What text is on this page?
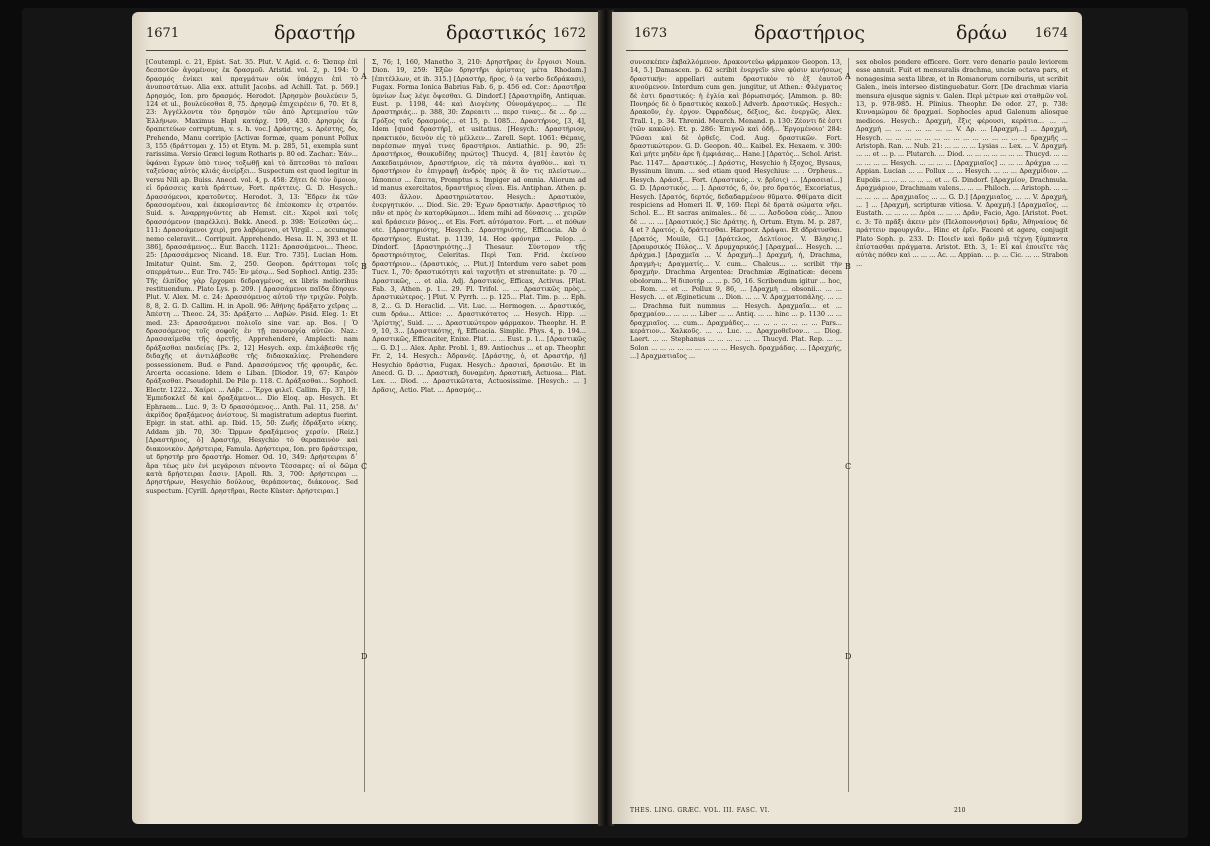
1671	δραστήρ	δραστικός 1672
[Coutempl. c. 21, Epist. Sat. 35. Plut. V. Agid. c. 6: Ὥσπερ ἐπὶ δεσποτῶν ἀγομένους ἐκ δρασμοῦ. Aristid. vol. 2, p. 194: Ὁ δρασμός ἐνίκει καὶ πραγμάτων οὐκ ὑπάρχει ἐπὶ τὸ ἀνυποστάτων. Alia exx. attulit Jacobs. ad Achill. Tat. p. 569.] Δρησμός, Ion. pro δρασμός. Herodot. [Ἀρησμὸν βουλεύειν 5, 124 et ul., βουλεύεσθαι 8, 75. Δρησμῷ ἐπιχειρέειν 6, 70. Et 8, 23: Ἀγγέλλοντα τὸν δρησμὸν τῶν ἀπὸ Ἀρτεμισίου τῶν Ἑλλήνων. Maximus Hapl κατάρχ. 199, 430. Δρησμὸς ἐκ δραπετεύων corruptum, v. s. h. voc.] Δράστης, s. Δρέστης, δο, Prehendo, Manu corripio [Activæ formæ, quam ponunt Pollux 3, 155 (δράττομαι χ. 15) et Etym. M. p. 285, 51, exempla sunt rarissima. Versio Græci legum Rotharis p. 80 ed. Zachar.: Ἐάν... ὑφάναι ἔγρων ὑπὸ τινος τοξωθῇ καὶ τὸ ἅπτεσθαι τὸ παῖσαι ταξεύσας αὐτὸς κλιάς ἀνείρξει... Suspectum est quod legitur in versu Nili ap. Buiss. Anecd. vol. 4, p. 458: Ζήτει δὲ τὸν ὅμοιον, εἰ δράσσεις κατὰ δράττων, Fort. πράττεις. G. D. Hesych.: Δρασσόμενοι, κρατοῦντες. Herodot. 3, 13: Ἔδρεν ἐκ τῶν δρασσομένου, καὶ ἐκκομίσαντες δὲ ἐπέσκοπεν ἐς στρατόν. Suid. s. Ἀναρρηγνύντες ab Hemst. cit.: Χεροὶ καὶ τοῖς δρασσόμενον (παρέλλει). Bekk. Anecd. p. 398: Ἐσίεσθαι ὡς... 111: Δρασσάμενοι χειρὶ, pro λαβόμενοι, et Virgil.: ... accumque nemo celeravit... Corripuit. Apprehendo. Hesa. II. N, 393 et II. 386], δρασσάμενος... Eur. Bacch. 1121: Δρασσάμενοι... Theoc. 25: [Δρασσάμενος Nicand. 18. Eur. Tro. 735]. Lucian Hom. Imitatur Quint. Sm. 2, 250. Geopon. δράττομαι τοῖς σπερμάτων... Eur. Tro. 745: Ἐν μέσῳ... Sed Sophocl. Antig. 235: Τῆς ἐλπίδος γὰρ ἔρχομαι δεδραγμένος, ex libris meliorihus restituendum.. Plato Lys. p. 209. | Δρασσάμενοι παῖδα ἔδησαν. Plut. V. Alex. M. c. 24: Δρασσόμενος αὐτοῦ τὴν τριχῶν. Polyb. 8, 8, 2. G. D. Callim. H. in Apoll. 96: Ἀθήνης δράξατο χεῖρας ... Ἀπέστη ... Theoc. 24, 35: Δράξατο ... Λαβών. Pisid. Eleg. 1: Et med. 23: Δρασσάμενοι πολιοῖο sine var. ap. Bos. | Ὁ δρασσόμενος τοῖς σοφοῖς ἐν τῇ πανουργίᾳ αὐτῶν. Naz.: Δρασσαίμεθα τῆς ἀρετῆς. Apprehenderé, Amplecti: nam δράξασθαι παιδείας [Ps. 2, 12] Hesych. exp. ἐπιλάβεσθε τῆς διδαχῆς et ἀντιλάβεσθε τῆς διδασκαλίας. Prehendere possessionem. Bud. e Pand. Δρασσόμενος τῆς φρουρᾶς, &c. Arcerta occasione. Idem e Liban. [Diodor. 19, 67: Καιρὸν δράξασθαι. Pseudophil. De Pile p. 118. C. Δράξασθαι... Sophocl. Electr. 1222... Χαίρει ... Λάβε ... Ἔργα φιλεῖ. Callim. Ep. 37, 18: Ἐμπεδοκλεῖ δὲ καὶ δραξάμενοι... Dio Eloq. ap. Hesych. Et Ephraem... Luc. 9, 3: Ὀ δρασσόμενος... Anth. Pal. 11, 258. Δι' ἀκρίδος δραξάμενος ἀνίστους. Si magistratum adeptus fuerint. Epigr. in stat. athl. ap. Ibid. 15, 50: Ζωῆς ἐδράξατο νίκης. Addam jib. 70, 30: Ὥρμων δραξάμενος χερσίν. [Reiz.] [Δραστήριος, ὁ] Δραστήρ, Hesychio τὸ θεραπαινὸν καὶ διακονικὸν. Δρήστειρα, Famula. Δρήστειρα, Ion. pro δράστειρα, ut δρηστήρ pro δραστήρ. Homer. Od. 10, 349: Δρήστειραι δ᾽ ἄρα τέως μὲν ἐνὶ μεγάροισι πένοντο Τέσσαρες: αἱ οἱ δῶμα κατὰ δρήστειραι ἔασιν. [Apoll. Rh. 3, 700: Δρήστειραι ... Δρηστήρων, Hesychio δούλους, θεράποντας, διάκονος. Sed suspectum. [Cyrill. Δρηστῆραι, Recte Küster: Δρήστειραι.]
Σ, 76; Ι, 160, Manetho 3, 210: Δρηστῆρας ἐν ἔργοισι Noun. Dion. 19, 259: Ἐξῶν δρηστῆρι ἀρίσταις μέτα Rhodam.] [ἐπιτέλλων, et ih. 315.] [Δραστήρ, ἥρος, ὁ (a verbo δεδράκασι), Fugax. Forma Ionica Babrius Fab. 6, p. 456 ed. Cor.: Δραστῆρα ὑμνίων ἔως λέγε ὄψεσθαι. G. Dindorf.] [Δραστηρίδη, Antiquæ. Eust. p. 1198, 44: καὶ Διογένης Οὐνομάγερος... ... Πε Δραστηριάς... p. 388, 30: Ζαρεαιτι ... περσ τινας... δε ... δρ ... Γρόξος ταῖς δρασμούς... et 15, p. 1085... Δραστήριος, [3, 4], Idem [quod δραστήρ], et usitatius. [Hesych.: Δραστήριον, πρακτικόν, δεινὸν εἰς τὸ μέλλειν... Zarell. Sept. 1061: Θέμαις, παρέσπων πηγαὶ τινες δραστήριοι. Antiathic. p. 90, 25: Δραστήριος, Θουκυδίδης πρώτος] Thucyd. 4, [81] ἐαυτὸν ἐς Λακεδαιμόνιον, Δραστήριον, εἰς τὰ πάντα ἀγαθὸν... καὶ τι δραστήριον ἐν ἐπιγραφῇ ἀνδρὸς πρὸς ἃ ἂν τις πλείστων... Iἀποπεισ ... ἔπειτα, Promptus s. Impiger ad omnia. Aliorum ad id manus exercitatos, δραστήριος εἶναι. Eis. Antiphan. Athen. p. 403: ἄλλον. Δραστηριώτατον. Hesych.: Δραστικὸν, ἐνεργητικόν. ... Diod. Sic. 29: Ἐχων δραστικήν. Δραστήριος τὸ πᾶν et πρὸς ἐν κατορθώμασι... Idem mihi ad δύνασις ... χειρῶν καὶ δράσειεν βάνος... et Eis. Fort. αὐτόματον. Fort. ... et πόθων etc. [Δραστηριότης, Hesych.: Δραστηριότης, Efficacia. Ab ὁ δραστήριος. Eustat. p. 1139, 14. Hoc φρόνημα ... Pelop. ... Dindorf. [Δραστηριότης...] Thesaur. Σύντομον τῆς δραστηριότητος, Celeritas. Περὶ Ταπ. Frid. ἐκείνου δραστήριον... (Δραστικός, ... Plut.)] Interdum vero sabet pom Tucv. I., 70: δραστικότητι καὶ ταχυτῆτι et strenuitate: p. 70 ... Δραστικῶς, ... et alia. Adj. Δραστικός, Efficax, Activus. [Plat. Fab. 3, Athen. p. 1... 29. Pl. Trifol. ... ... Δραστικῶς πρὸς... Δραστικώτερος. ] Plut. V. Pyrrh. ... p. 125... Plat. Tim. p. ... Eph. 8, 2... G. D. Heraclid. ... Vit. Luc. ... Hermogen. ... Δραστικός, cum δράω... Attice: ... Δραστικότατος ... Hesych. Hipp. ... 'Ἀρίστης', Suid. ... ... Δραστικώτερον φάρμακον. Theophr. H. P. 9, 10, 3... [Δραστικότης, ἡ, Efficacia. Simplic. Phys. 4, p. 194... Δραστικῶς, Efficaciter, Enixe. Plut. ... ... Eust. p. 1... [Δραστικῶς ... G. D.] ... Alex. Aphr. Probl. 1, 89. Antiochus ... et ap. Theophr. Fr. 2, 14. Hesych.: Ἀδρανές. [Δράστης, ὁ, et Δραστήρ, ἡ] Hesychio δράστια, Fugax. Hesych.: Δρασιαί, δρασιῶν. Et in Anecd. G. D. ... Δραστικὴ, δυναμένη. Δραστικὴ, Actuosa... Plat. Lex. ... Diod. ... Δραστικῶτατα, Actuosissime. [Hesych.: ... ] Δρᾶσις, Actio. Plat. ... Δρασμός...
A
B
C
D
1673	δραστήριος	δράω 1674
συνεσκέπεν ἐκβαλλόμενον. Δρακοντεύω φάρμακον Geopon. 13, 14, 5.] Damascen. p. 62 scribit ἐνεργεῖν sive φύσιν κινήσεως δραστικήν: appellari autem δραστικὸν τὸ ἐξ ἑαυτοῦ κινούμενον. Interdum cum gen. jungitur, ut Athen.: Φλέγματος δὲ ἐστι δραστικός: ἡ ἐγλία καὶ βόρωπισμός. [Ammon. p. 80: Πονηρός δὲ ὁ δραστικὸς κακοῦ.] Adverb. Δραστικῶς. Hesych.: Δρακοῦν, ἐγ. ἐργον. Ὀφραδέως, δέξιος, &c. ἐνεργῶς. Alex. Trall. 1, p. 34. Threnid. Meurch. Menand. p. 130: Ζέοντι δὲ ἑστι (τῶν κακῶν). Et. p. 286: Ἐπιγνῶ καὶ ὁδῆ... Ἐργομένοιο' 284: Ῥῶσαι καὶ δὲ ὀρθεῖς. Cod. Aug. δραστικῶν. Fort. δραστικώτερον. G. D. Geopon. 40... Kaibel. Ex. Hexaem. v. 300: Καὶ μήτε μηδὲν ἀρε ἢ ἐμφιάσας... Hane.] [Δρατὸς... Schol. Arist. Pac. 1147... Δραστικός...] Δράστις, Hesychio ἡ ἔξοχος, Bysaus, Byssinum linum. ... sed etiam quod Hesychius: ... . Orpheus... Hesych. Δράσιξ... Fort. (Δραστικός... v. βρῖσις) ... [Δρασειαί...] G. D. [Δραστικὸς, ... ]. Δραστός, δ, ὁν, pro δρατός, Excoriatus, Hesych. [Δρατός, δερτός, δεδαδαρμένον θῦματο. Φθίματα dicit respiciens ad Homeri II. Ψ, 169: Περὶ δὲ δρατὰ σώματα νῆει. Schol. Ε... Et sacras animales... δὲ ... ... Ἀσδοῦσα εὐάς... Ἄπου δὲ ... ... ... [Δραστικός.] Sic Δράτης. ἡ, Ortum. Etym. M. p. 287, 4 et ? Δρατός. ὁ, δράττεσθαι. Harpocr. Δράψαι. Et dδράτυσθαι. [Δρατός, Mouile, G.] [Δράτελος, Δελτίοιος. V. Βλησις.] [Δραυρσικός Πύλος... V. Δρυμχαρικός.] [Δραχμαί... Hesych. ... Δράχμα.] [Δραχμεῖα ... V. Δραχμή...] Δραχμή, ἡ, Drachma, Δραγμὴ-ι; Δραγματίς... V. cum... Chalcus... ... scribit τὴν δραχμήν. Drachma Argentea: Drachmiæ Æginaticæ: decem obolorum... Ἡ διποτήρ ... ... p. 50, 16. Scribendum igitur ... hoc, ... Rom. ... et ... Pollux 9, 86, ... [Δραχμὴ ... obsonii... ... ... Hesych. ... et Ægineticum ... Dion. ... ... V. Δραχματοπάλης. ... ... ... Drachma fuit nummus ... Hesych. Δραχμαῖα... et ... δραχμαίου... ... ... ... Liber ... ... Antiq. ... ... hinc ... p. 1130 ... ... δραχμιαῖος. ... cum... Δραχμάδες... ... ... .. ... ... ... ... Pars... κεράτιον... Χαλκοῦς. ... ... Luc. ... Δραχμοθεῖνον... ... Diog. Laert. ... ... Stephanus ... ... ... ... ... ... Thucyd. Plat. Rep. ... ... Solon ... ... ... ... ... ... ... ... ... Hesych. δραχμάδας. ... [Δραχμής, ...] Δραχματιαῖος ...
sex obolos pondere efficere. Gorr. vero denario paulo leviorem esse annuit. Fuit et mensuralis drachma, unciæ octava pars, et nonagesima sexta libræ, et in Romanorum corniburis, ut scribit Galen., ineis interseo distinguebatur. Gorr. [De drachmæ viaria mensura ejusque signis v. Galen. Περὶ μέτρων καὶ σταθμῶν vol. 13, p. 978-985. H. Plinius. Theophr. De odor. 27, p. 738: Κινναμώμου δὲ δραχμαί. Sophocles apud Galenum aliosque medicos. Hesych.: Δραχμή, ἕξις φέρουσι, κεράτια... ... ... Δραχμή ... ... ... ... ... ... ... V. Δρ. ... [Δραχμή...] ... Δραχμή, Hesych. ... ... ... ... ... ... ... ... ... ... ... ... ... ... ... δραχμῆς ... Aristoph. Ran. ... Nub. 21: ... ... ... ... Lysias ... Lex. ... V. Δραχμή. ... ... et ... p. ... Plutarch. ... Diod. ... ... ... ... ... ... ... Thucyd. ... ... ... ... ... ... Hesych. ... ... ... ... [Δραχμιαῖος] ... ... ... Δράχμα ... ... Appian. Lucian ... ... Pollux ... ... Hesych. ... ... ... Δραχμίδιον. ... Eupolis ... ... ... ... ... ... et ... G. Dindorf. [Δραχμίον, Drachmula. Δραχμάριον, Drachmam valens... ... ... Philoch. ... Aristoph. ... ... ... ... ... ... Δραχμιαῖος ... ... G. D.] [Δραχμιαῖος, ... ... V. Δραχμή, ... ] ... [Δραχμή, scripturæ vitiosa. V. Δραχμή.] [Δραχμαῖος, ... Eustath. ... ... ... ... Δρέα ... ... ... Δρᾶν, Facio, Ago. [Aristot. Poet. c. 3: Τὸ πρᾶξι ἀκειν μὲν (Πελοποννήσιοι) δρᾶν, Ἀθηναίους δὲ πράττειν πφουργιᾶν... Hinc et ἐρῖν. Faceré et agere, conjugit Plato Soph. p. 233. D: Ποιεῖν καὶ δρᾶν μιᾷ τέχνῃ ξύμπαντα ἐπίστασθαι πράγματα. Aristot. Eth. 3, 1: Εἰ καὶ ἐποιεῖτε τὰς αὐτὰς πόθεν καὶ ... ... ... Ac. ... Appian. ... p. ... Cic. ... ... Strabon ...
A
B
C
D
THES. LING. GRÆC. VOL. III. FASC. VI.	210
